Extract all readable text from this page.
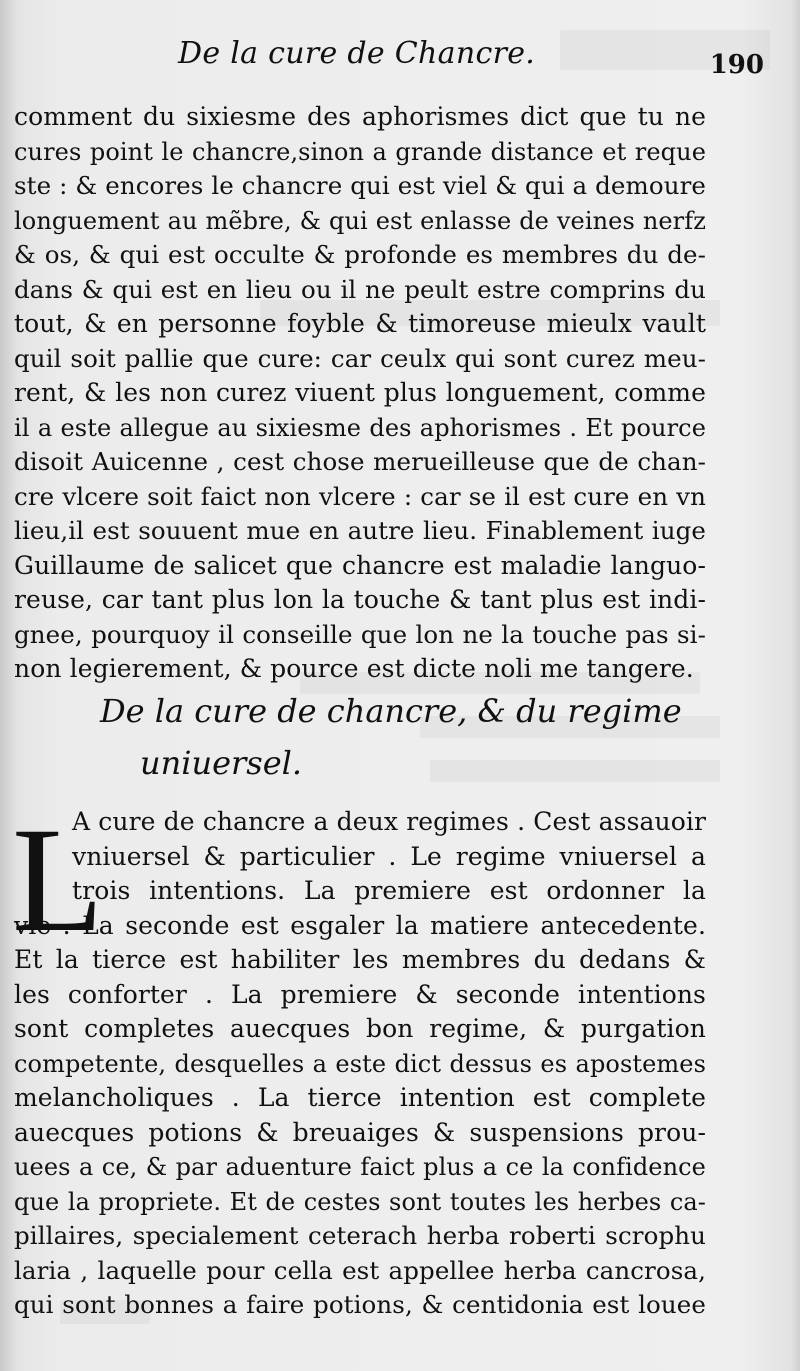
De la cure de Chancre.	190
comment du sixiesme des aphorismes dict que tu ne
cures point le chancre,sinon a grande distance et reque
ste : & encores le chancre qui est viel & qui a demoure
longuement au mẽbre, & qui est enlasse de veines nerfz
& os, & qui est occulte & profonde es membres du de-
dans & qui est en lieu ou il ne peult estre comprins du
tout, & en personne foyble & timoreuse mieulx vault
quil soit pallie que cure: car ceulx qui sont curez meu-
rent, & les non curez viuent plus longuement, comme
il a este allegue au sixiesme des aphorismes . Et pource
disoit Auicenne , cest chose merueilleuse que de chan-
cre vlcere soit faict non vlcere : car se il est cure en vn
lieu,il est souuent mue en autre lieu. Finablement iuge
Guillaume de salicet que chancre est maladie languo-
reuse, car tant plus lon la touche & tant plus est indi-
gnee, pourquoy il conseille que lon ne la touche pas si-
non legierement, & pource est dicte noli me tangere.
De la cure de chancre, & du regime
uniuersel.
L
A cure de chancre a deux regimes . Cest assauoir
vniuersel & particulier . Le regime vniuersel a
trois intentions. La premiere est ordonner la
vie . La seconde est esgaler la matiere antecedente.
Et la tierce est habiliter les membres du dedans &
les conforter . La premiere & seconde intentions
sont completes auecques bon regime, & purgation
competente, desquelles a este dict dessus es apostemes
melancholiques . La tierce intention est complete
auecques potions & breuaiges & suspensions prou-
uees a ce, & par aduenture faict plus a ce la confidence
que la propriete. Et de cestes sont toutes les herbes ca-
pillaires, specialement ceterach herba roberti scrophu
laria , laquelle pour cella est appellee herba cancrosa,
qui sont bonnes a faire potions, & centidonia est louee
